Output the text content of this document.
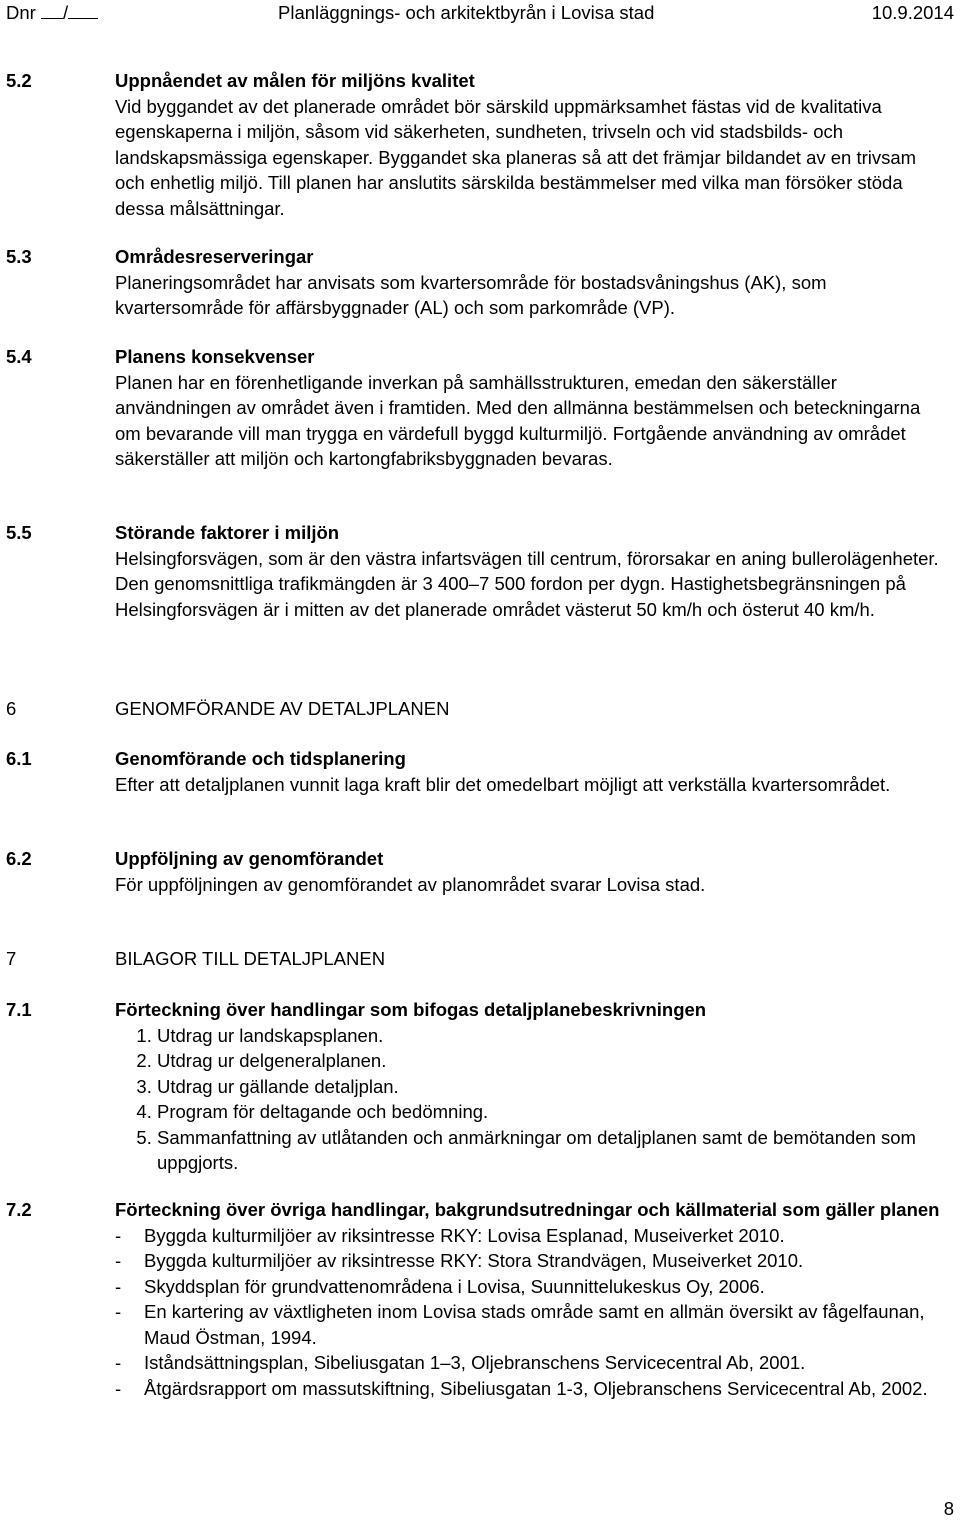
Dnr /	Planläggnings- och arkitektbyrån i Lovisa stad	10.9.2014
5.2	Uppnåendet av målen för miljöns kvalitet
Vid byggandet av det planerade området bör särskild uppmärksamhet fästas vid de kvalitativa egenskaperna i miljön, såsom vid säkerheten, sundheten, trivseln och vid stadsbilds- och landskapsmässiga egenskaper. Byggandet ska planeras så att det främjar bildandet av en trivsam och enhetlig miljö. Till planen har anslutits särskilda bestämmelser med vilka man försöker stöda dessa målsättningar.
5.3	Områdesreserveringar
Planeringsområdet har anvisats som kvartersområde för bostadsvåningshus (AK), som kvartersområde för affärsbyggnader (AL) och som parkområde (VP).
5.4	Planens konsekvenser
Planen har en förenhetligande inverkan på samhällsstrukturen, emedan den säkerställer användningen av området även i framtiden. Med den allmänna bestämmelsen och beteckningarna om bevarande vill man trygga en värdefull byggd kulturmiljö. Fortgående användning av området säkerställer att miljön och kartongfabriksbyggnaden bevaras.
5.5	Störande faktorer i miljön
Helsingforsvägen, som är den västra infartsvägen till centrum, förorsakar en aning bullerolägenheter. Den genomsnittliga trafikmängden är 3 400–7 500 fordon per dygn. Hastighetsbegränsningen på Helsingforsvägen är i mitten av det planerade området västerut 50 km/h och österut 40 km/h.
6	GENOMFÖRANDE AV DETALJPLANEN
6.1	Genomförande och tidsplanering
Efter att detaljplanen vunnit laga kraft blir det omedelbart möjligt att verkställa kvartersområdet.
6.2	Uppföljning av genomförandet
För uppföljningen av genomförandet av planområdet svarar Lovisa stad.
7	BILAGOR TILL DETALJPLANEN
7.1	Förteckning över handlingar som bifogas detaljplanebeskrivningen
1. Utdrag ur landskapsplanen.
2. Utdrag ur delgeneralplanen.
3. Utdrag ur gällande detaljplan.
4. Program för deltagande och bedömning.
5. Sammanfattning av utlåtanden och anmärkningar om detaljplanen samt de bemötanden som uppgjorts.
7.2	Förteckning över övriga handlingar, bakgrundsutredningar och källmaterial som gäller planen
- Byggda kulturmiljöer av riksintresse RKY: Lovisa Esplanad, Museiverket 2010.
- Byggda kulturmiljöer av riksintresse RKY: Stora Strandvägen, Museiverket 2010.
- Skyddsplan för grundvattenområdena i Lovisa, Suunnittelukeskus Oy, 2006.
- En kartering av växtligheten inom Lovisa stads område samt en allmän översikt av fågelfaunan, Maud Östman, 1994.
- Iståndsättningsplan, Sibeliusgatan 1–3, Oljebranschens Servicecentral Ab, 2001.
- Åtgärdsrapport om massutskiftning, Sibeliusgatan 1-3, Oljebranschens Servicecentral Ab, 2002.
8
